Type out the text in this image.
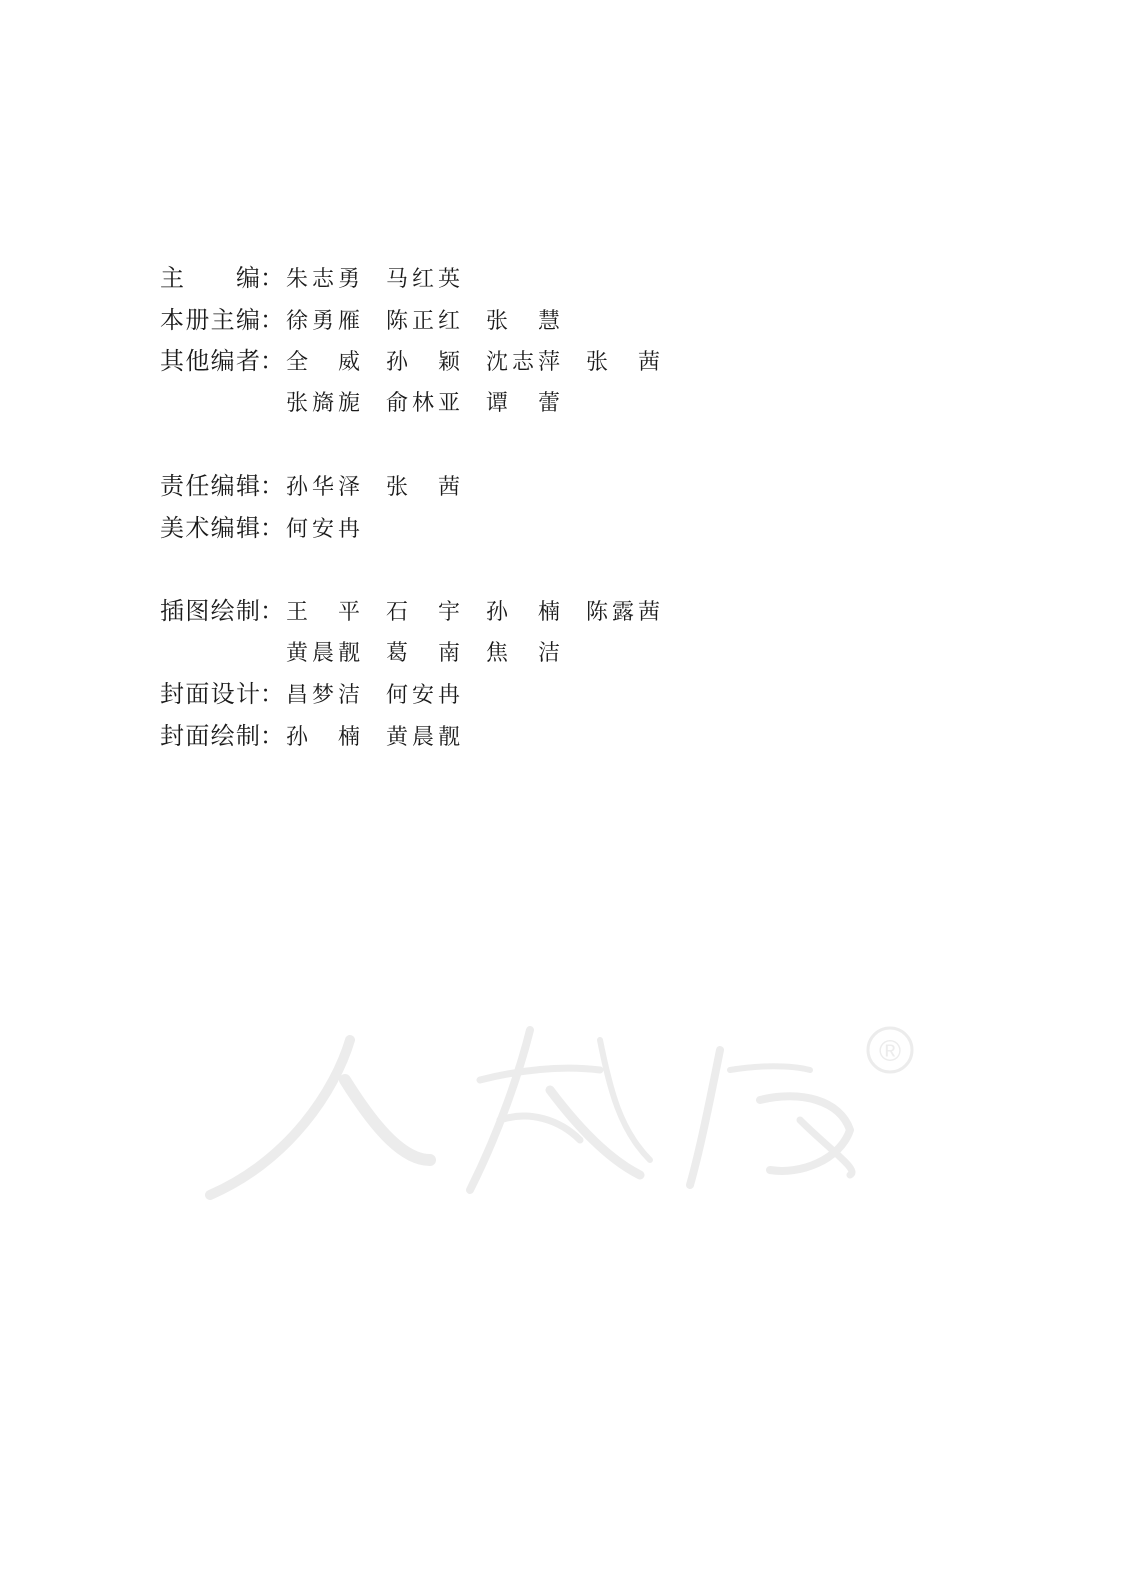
主 编 ： 朱 志 勇 马 红 英
本 册 主 编 ： 徐 勇 雁 陈 正 红 张 慧
其 他 编 者 ： 全 威 孙 颖 沈 志 萍 张 茜
张 旖 旎 俞 林 亚 谭 蕾
责 任 编 辑 ： 孙 华 泽 张 茜
美 术 编 辑 ： 何 安 冉
插 图 绘 制 ： 王 平 石 宇 孙 楠 陈 露 茜
黄 晨 靓 葛 南 焦 洁
封 面 设 计 ： 昌 梦 洁 何 安 冉
封 面 绘 制 ： 孙 楠 黄 晨 靓
®
